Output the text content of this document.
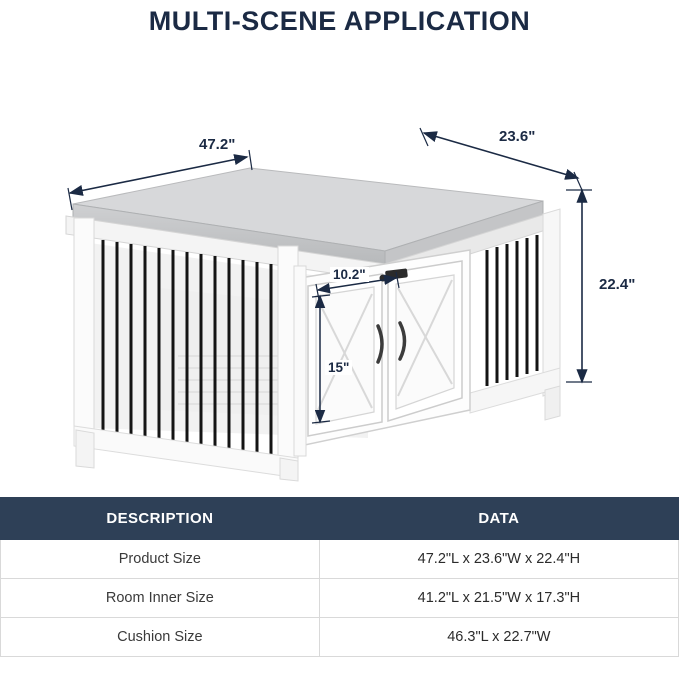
MULTI-SCENE APPLICATION
47.2"	23.6"
22.4"
10.2"
15"
DESCRIPTION	DATA
Product Size	47.2"L x 23.6"W x 22.4"H
Room Inner Size	41.2"L x 21.5"W x 17.3"H
Cushion Size	46.3"L x 22.7"W
